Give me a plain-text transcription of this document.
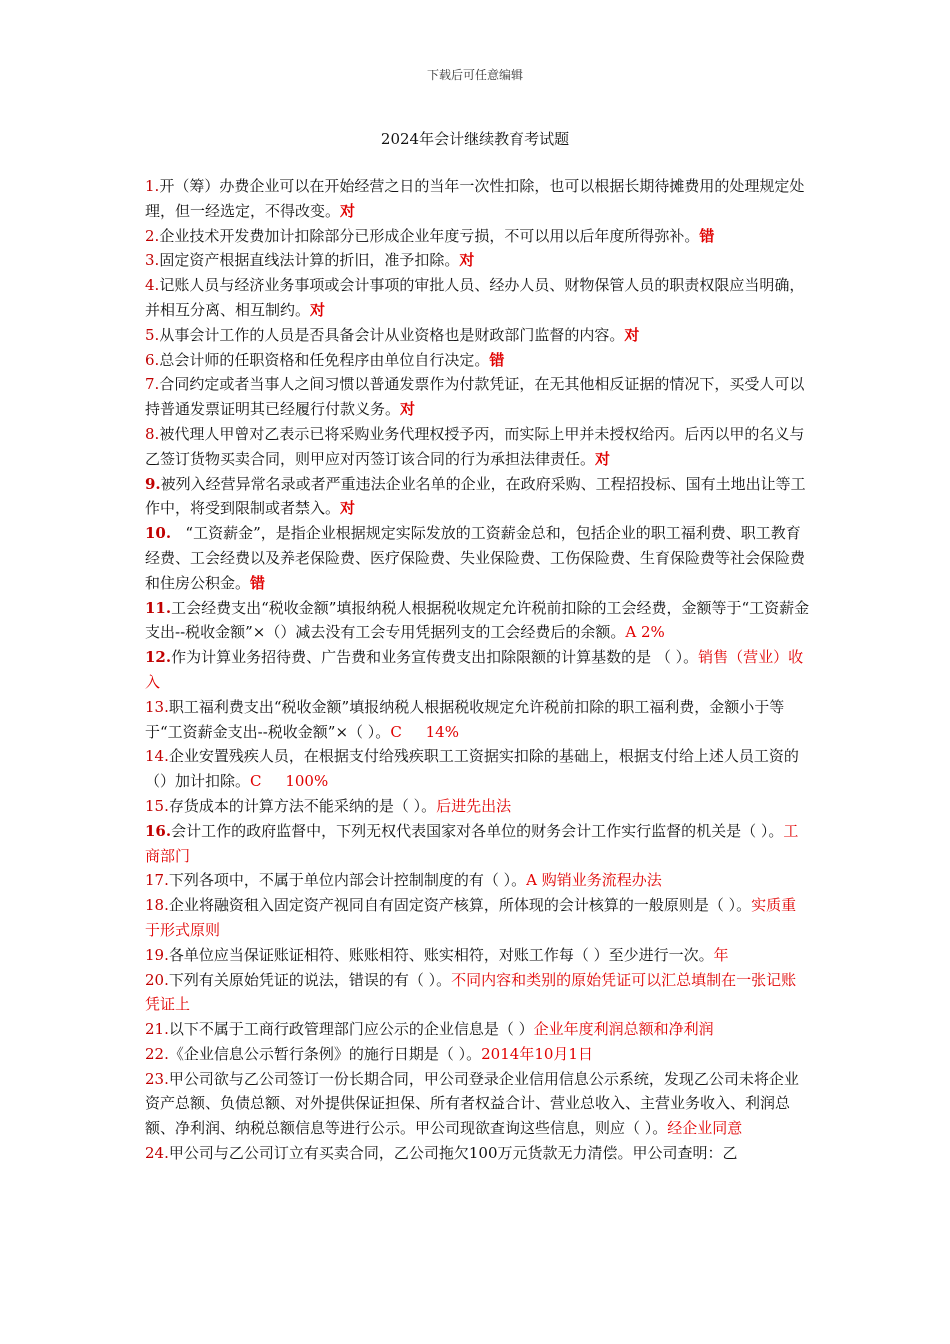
下载后可任意编辑
2024年会计继续教育考试题

1.开（筹）办费企业可以在开始经营之日的当年一次性扣除，也可以根据长期待摊费用的处理规定处理，但一经选定，不得改变。对

2.企业技术开发费加计扣除部分已形成企业年度亏损，不可以用以后年度所得弥补。错

3.固定资产根据直线法计算的折旧，准予扣除。对

4.记账人员与经济业务事项或会计事项的审批人员、经办人员、财物保管人员的职责权限应当明确，并相互分离、相互制约。对

5.从事会计工作的人员是否具备会计从业资格也是财政部门监督的内容。对

6.总会计师的任职资格和任免程序由单位自行决定。错

7.合同约定或者当事人之间习惯以普通发票作为付款凭证，在无其他相反证据的情况下，买受人可以持普通发票证明其已经履行付款义务。对

8.被代理人甲曾对乙表示已将采购业务代理权授予丙，而实际上甲并未授权给丙。后丙以甲的名义与乙签订货物买卖合同，则甲应对丙签订该合同的行为承担法律责任。对

9.被列入经营异常名录或者严重违法企业名单的企业，在政府采购、工程招投标、国有土地出让等工作中，将受到限制或者禁入。对

10.   “工资薪金”，是指企业根据规定实际发放的工资薪金总和，包括企业的职工福利费、职工教育经费、工会经费以及养老保险费、医疗保险费、失业保险费、工伤保险费、生育保险费等社会保险费和住房公积金。错

11.工会经费支出“税收金额”填报纳税人根据税收规定允许税前扣除的工会经费，金额等于“工资薪金支出--税收金额”×（）减去没有工会专用凭据列支的工会经费后的余额。A 2%

12.作为计算业务招待费、广告费和业务宣传费支出扣除限额的计算基数的是 （ ）。销售（营业）收入

13.职工福利费支出“税收金额”填报纳税人根据税收规定允许税前扣除的职工福利费，金额小于等于“工资薪金支出--税收金额”×（ ）。C     14%

14.企业安置残疾人员，在根据支付给残疾职工工资据实扣除的基础上，根据支付给上述人员工资的（）加计扣除。C     100%

15.存货成本的计算方法不能采纳的是（ ）。后进先出法

16.会计工作的政府监督中，下列无权代表国家对各单位的财务会计工作实行监督的机关是（ ）。工商部门

17.下列各项中，不属于单位内部会计控制制度的有（ ）。A 购销业务流程办法

18.企业将融资租入固定资产视同自有固定资产核算，所体现的会计核算的一般原则是（ ）。实质重于形式原则

19.各单位应当保证账证相符、账账相符、账实相符，对账工作每（ ）至少进行一次。年

20.下列有关原始凭证的说法，错误的有（ ）。不同内容和类别的原始凭证可以汇总填制在一张记账凭证上

21.以下不属于工商行政管理部门应公示的企业信息是（ ）企业年度利润总额和净利润

22.《企业信息公示暂行条例》的施行日期是（ ）。2014年10月1日

23.甲公司欲与乙公司签订一份长期合同，甲公司登录企业信用信息公示系统，发现乙公司未将企业资产总额、负债总额、对外提供保证担保、所有者权益合计、营业总收入、主营业务收入、利润总额、净利润、纳税总额信息等进行公示。甲公司现欲查询这些信息，则应（ ）。经企业同意

24.甲公司与乙公司订立有买卖合同，乙公司拖欠100万元货款无力清偿。甲公司查明：乙
